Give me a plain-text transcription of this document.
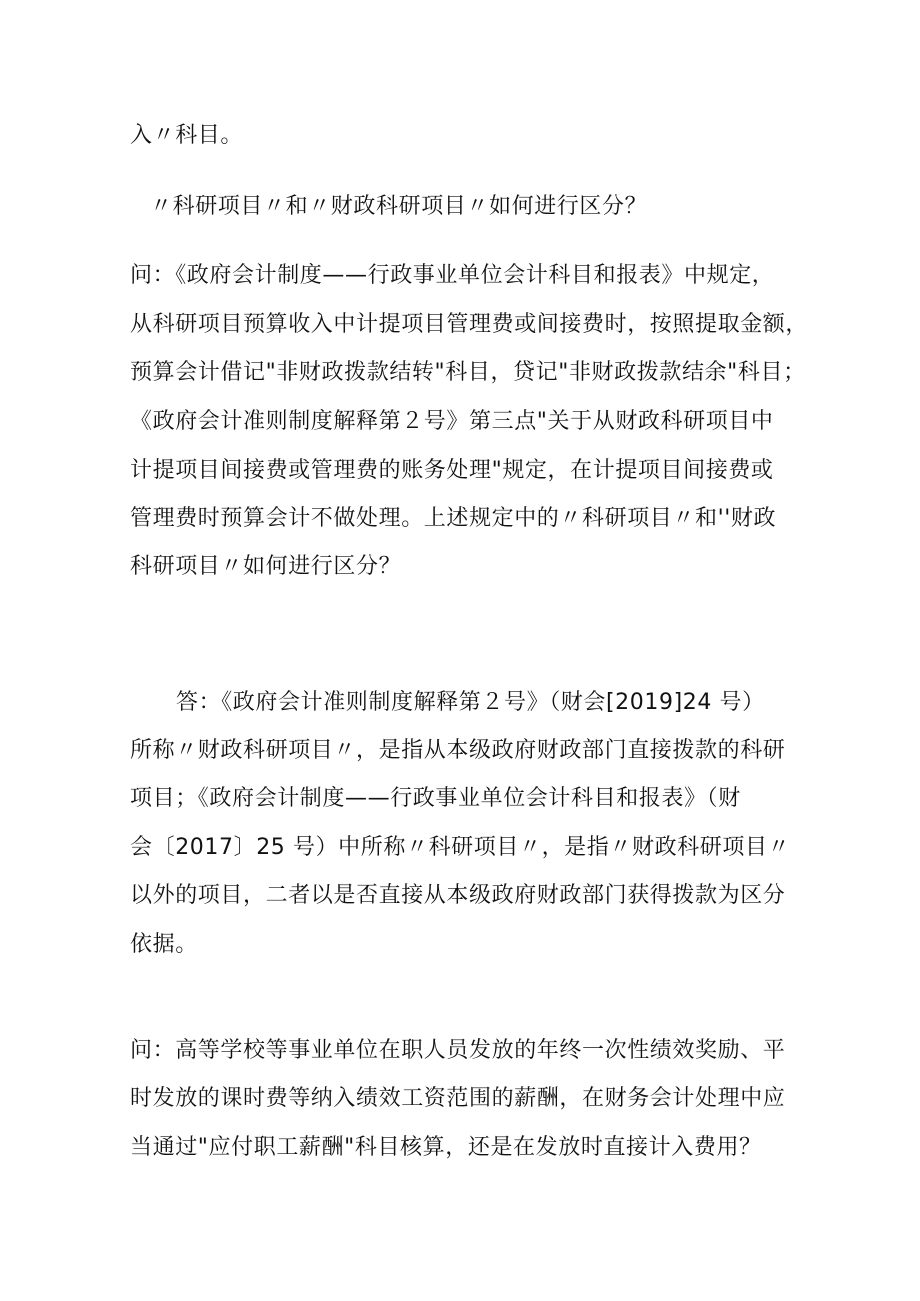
入〃科目。
〃科研项目〃和〃财政科研项目〃如何进行区分？
问：《政府会计制度——行政事业单位会计科目和报表》中规定，
从科研项目预算收入中计提项目管理费或间接费时，按照提取金额，
预算会计借记"非财政拨款结转"科目，贷记"非财政拨款结余"科目；
《政府会计准则制度解释第２号》第三点"关于从财政科研项目中
计提项目间接费或管理费的账务处理"规定，在计提项目间接费或
管理费时预算会计不做处理。上述规定中的〃科研项目〃和''财政
科研项目〃如何进行区分？
答：《政府会计准则制度解释第２号》（财会[2019]24 号）
所称〃财政科研项目〃，是指从本级政府财政部门直接拨款的科研
项目；《政府会计制度——行政事业单位会计科目和报表》（财
会〔2017〕25 号）中所称〃科研项目〃，是指〃财政科研项目〃
以外的项目，二者以是否直接从本级政府财政部门获得拨款为区分
依据。
问：高等学校等事业单位在职人员发放的年终一次性绩效奖励、平
时发放的课时费等纳入绩效工资范围的薪酬，在财务会计处理中应
当通过"应付职工薪酬"科目核算，还是在发放时直接计入费用？
